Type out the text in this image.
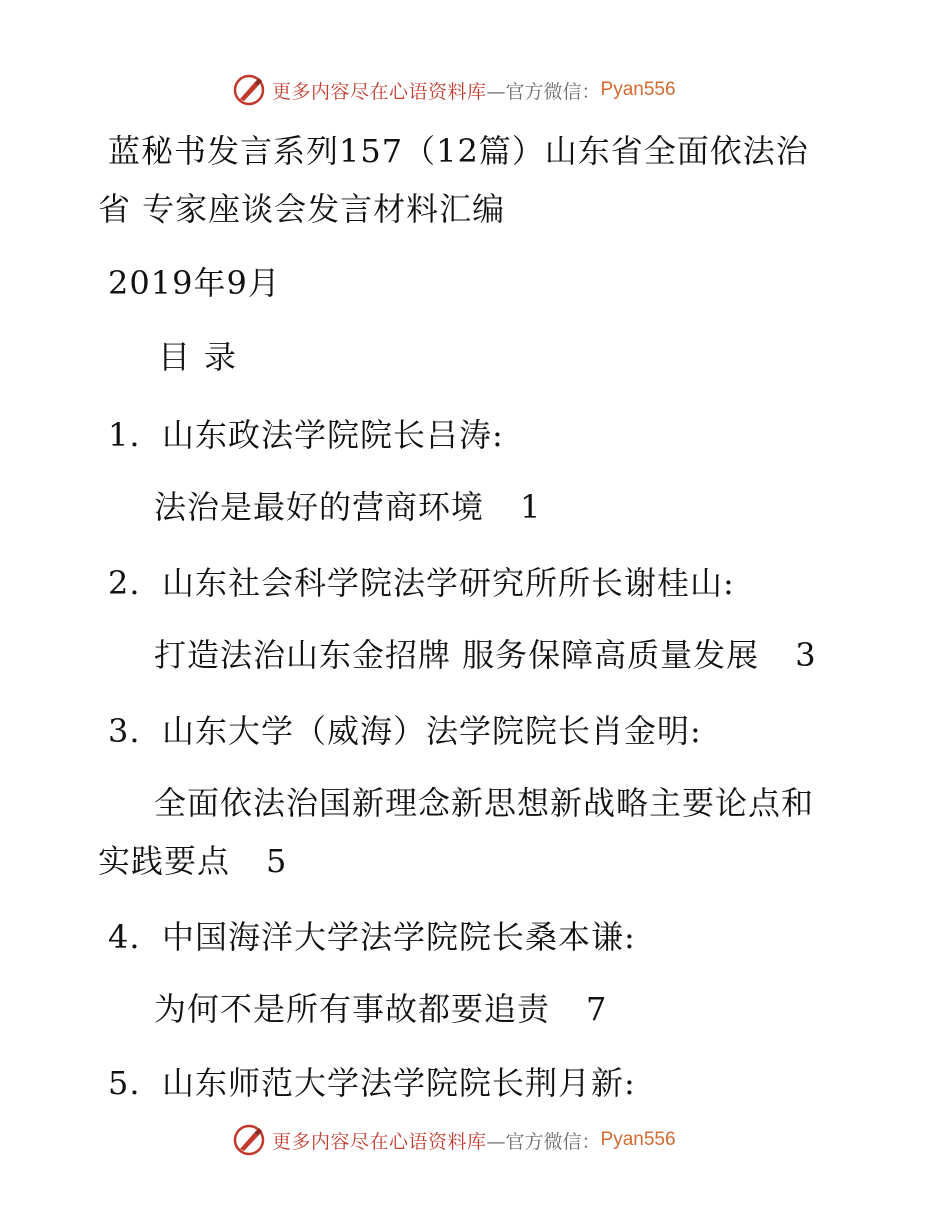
更多内容尽在心语资料库 —官方微信： Pyan556
蓝秘书发言系列157（12篇）山东省全面依法治
省 专家座谈会发言材料汇编
2019年9月
目录
1. 山东政法学院院长吕涛:
法治是最好的营商环境 1
2. 山东社会科学院法学研究所所长谢桂山:
打造法治山东金招牌 服务保障高质量发展 3
3. 山东大学（威海）法学院院长肖金明:
全面依法治国新理念新思想新战略主要论点和
实践要点 5
4. 中国海洋大学法学院院长桑本谦:
为何不是所有事故都要追责 7
5. 山东师范大学法学院院长荆月新:
更多内容尽在心语资料库 —官方微信： Pyan556
